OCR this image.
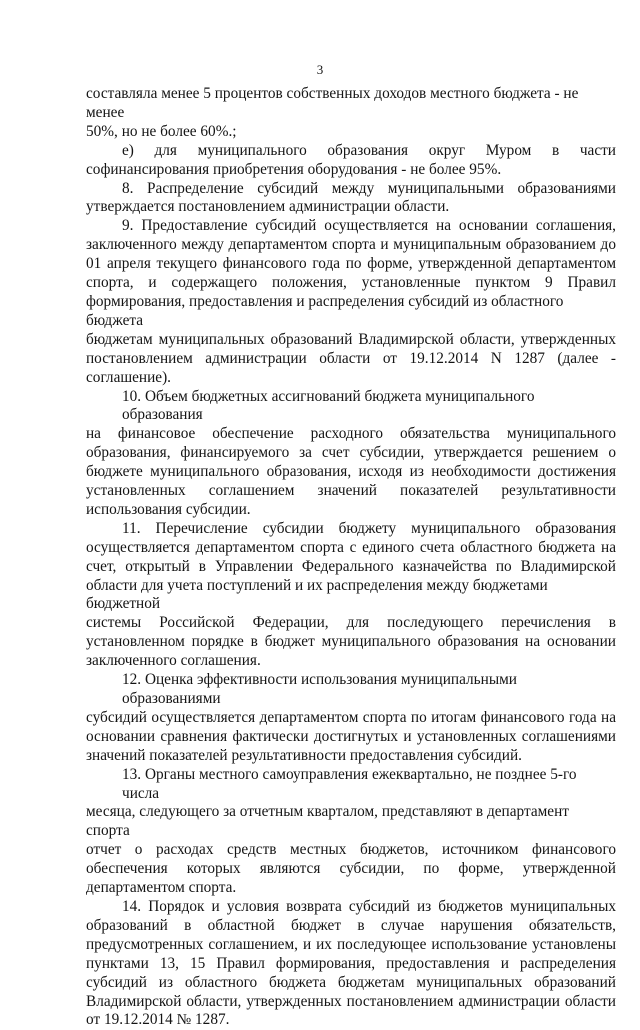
3
составляла менее 5 процентов собственных доходов местного бюджета - не менее
50%, но не более 60%.;
е) для муниципального образования округ Муром в части
софинансирования приобретения оборудования - не более 95%.
8. Распределение субсидий между муниципальными образованиями
утверждается постановлением администрации области.
9. Предоставление субсидий осуществляется на основании соглашения,
заключенного между департаментом спорта и муниципальным образованием до
01 апреля текущего финансового года по форме, утвержденной департаментом
спорта, и содержащего положения, установленные пунктом 9 Правил
формирования, предоставления и распределения субсидий из областного бюджета
бюджетам муниципальных образований Владимирской области, утвержденных
постановлением администрации области от 19.12.2014 N 1287 (далее -
соглашение).
10. Объем бюджетных ассигнований бюджета муниципального образования
на финансовое обеспечение расходного обязательства муниципального
образования, финансируемого за счет субсидии, утверждается решением о
бюджете муниципального образования, исходя из необходимости достижения
установленных соглашением значений показателей результативности
использования субсидии.
11. Перечисление субсидии бюджету муниципального образования
осуществляется департаментом спорта с единого счета областного бюджета на
счет, открытый в Управлении Федерального казначейства по Владимирской
области для учета поступлений и их распределения между бюджетами бюджетной
системы Российской Федерации, для последующего перечисления в
установленном порядке в бюджет муниципального образования на основании
заключенного соглашения.
12. Оценка эффективности использования муниципальными образованиями
субсидий осуществляется департаментом спорта по итогам финансового года на
основании сравнения фактически достигнутых и установленных соглашениями
значений показателей результативности предоставления субсидий.
13. Органы местного самоуправления ежеквартально, не позднее 5-го числа
месяца, следующего за отчетным кварталом, представляют в департамент спорта
отчет о расходах средств местных бюджетов, источником финансового
обеспечения которых являются субсидии, по форме, утвержденной
департаментом спорта.
14. Порядок и условия возврата субсидий из бюджетов муниципальных
образований в областной бюджет в случае нарушения обязательств,
предусмотренных соглашением, и их последующее использование установлены
пунктами 13, 15 Правил формирования, предоставления и распределения
субсидий из областного бюджета бюджетам муниципальных образований
Владимирской области, утвержденных постановлением администрации области
от 19.12.2014 № 1287.
